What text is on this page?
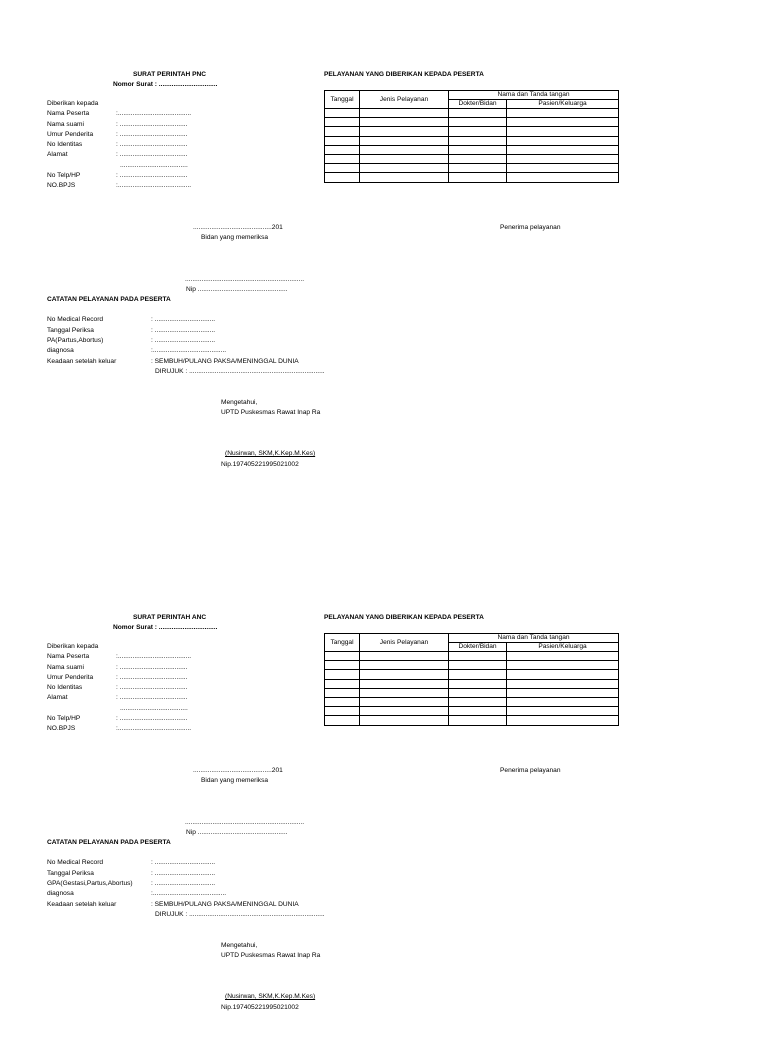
SURAT PERINTAH PNC
Nomor Surat : ................................
Diberikan kepada
Nama Peserta	:........................................
Nama suami	: .....................................
Umur Penderita	: .....................................
No Identitas	: .....................................
Alamat	: .....................................
.....................................
No Telp/HP	: .....................................
NO.BPJS	:........................................
PELAYANAN YANG DIBERIKAN KEPADA PESERTA
Tanggal	Jenis Pelayanan	Nama dan Tanda tangan	
		Dokter/Bidan	Pasien/Keluarga

...........................................201
Bidan yang memeriksa
Penerima pelayanan
.................................................................
Nip .................................................
CATATAN PELAYANAN PADA PESERTA
No Medical Record	: .................................
Tanggal Periksa	: .................................
PA(Partus,Abortus)	: .................................
diagnosa	:........................................
Keadaan setelah keluar	: SEMBUH/PULANG PAKSA/MENINGGAL DUNIA
DIRUJUK : ..........................................................................
Mengetahui,
UPTD Puskesmas Rawat Inap Ra
(Nusirwan, SKM,K.Kep.M.Kes)
Nip.197405221995021002
SURAT PERINTAH ANC
Nomor Surat : ................................
Diberikan kepada
Nama Peserta	:........................................
Nama suami	: .....................................
Umur Penderita	: .....................................
No Identitas	: .....................................
Alamat	: .....................................
.....................................
No Telp/HP	: .....................................
NO.BPJS	:........................................
PELAYANAN YANG DIBERIKAN KEPADA PESERTA
Tanggal	Jenis Pelayanan	Nama dan Tanda tangan	
		Dokter/Bidan	Pasien/Keluarga

...........................................201
Bidan yang memeriksa
Penerima pelayanan
.................................................................
Nip .................................................
CATATAN PELAYANAN PADA PESERTA
No Medical Record	: .................................
Tanggal Periksa	: .................................
GPA(Gestasi,Partus,Abortus)	: .................................
diagnosa	:........................................
Keadaan setelah keluar	: SEMBUH/PULANG PAKSA/MENINGGAL DUNIA
DIRUJUK : ..........................................................................
Mengetahui,
UPTD Puskesmas Rawat Inap Ra
(Nusirwan, SKM,K.Kep.M.Kes)
Nip.197405221995021002
